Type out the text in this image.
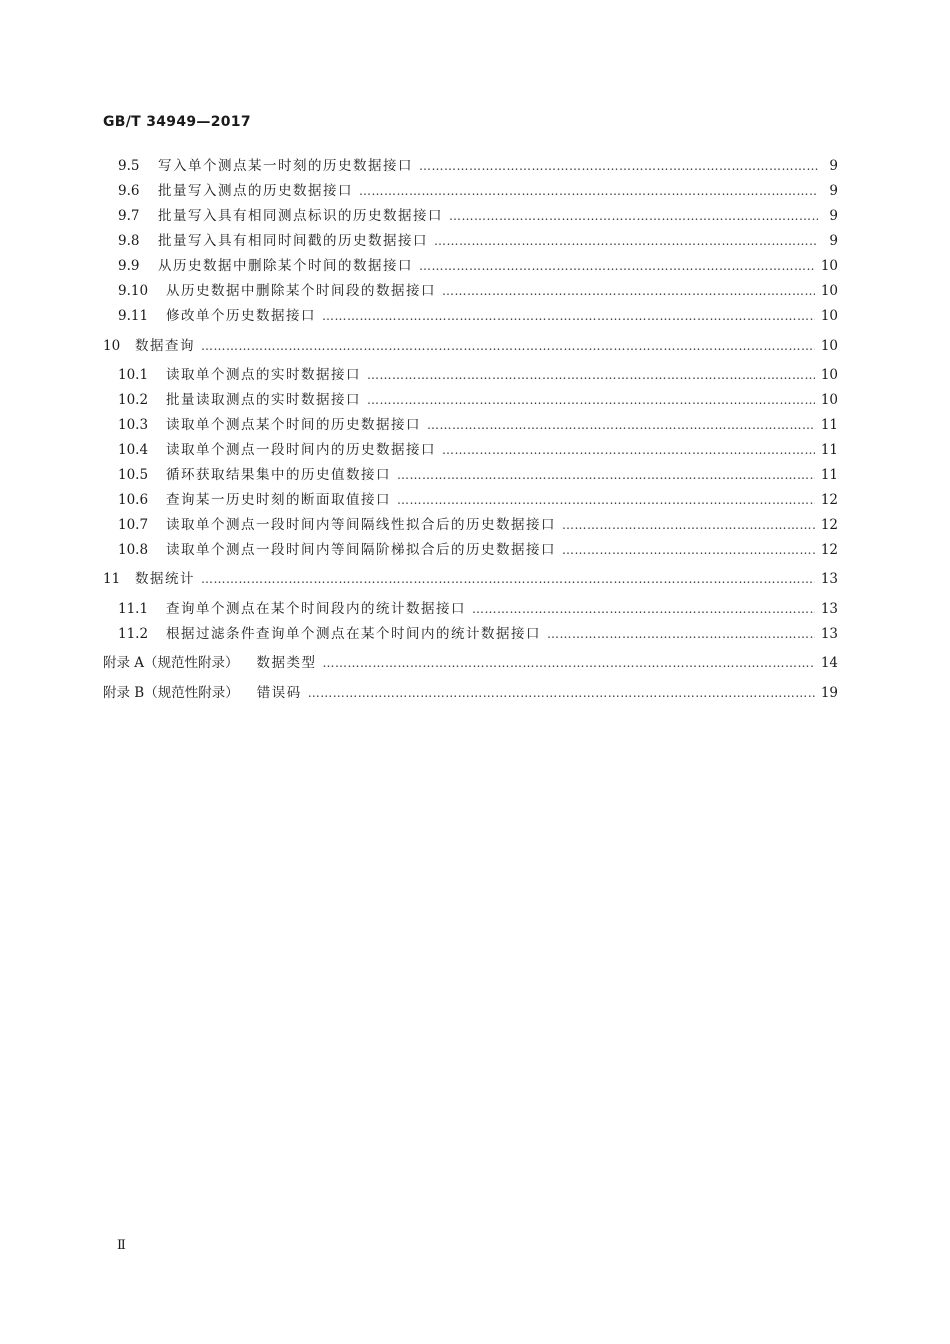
GB/T 34949—2017
9.5	写入单个测点某一时刻的历史数据接口 …………………………………………………………………………………………………………………………………………………………………………………………	9
9.6	批量写入测点的历史数据接口 …………………………………………………………………………………………………………………………………………………………………………………………	9
9.7	批量写入具有相同测点标识的历史数据接口 …………………………………………………………………………………………………………………………………………………………………………………………	9
9.8	批量写入具有相同时间戳的历史数据接口 …………………………………………………………………………………………………………………………………………………………………………………………	9
9.9	从历史数据中删除某个时间的数据接口 …………………………………………………………………………………………………………………………………………………………………………………………	10
9.10	从历史数据中删除某个时间段的数据接口 …………………………………………………………………………………………………………………………………………………………………………………………	10
9.11	修改单个历史数据接口 …………………………………………………………………………………………………………………………………………………………………………………………	10
10	数据查询 …………………………………………………………………………………………………………………………………………………………………………………………	10
10.1	读取单个测点的实时数据接口 …………………………………………………………………………………………………………………………………………………………………………………………	10
10.2	批量读取测点的实时数据接口 …………………………………………………………………………………………………………………………………………………………………………………………	10
10.3	读取单个测点某个时间的历史数据接口 …………………………………………………………………………………………………………………………………………………………………………………………	11
10.4	读取单个测点一段时间内的历史数据接口 …………………………………………………………………………………………………………………………………………………………………………………………	11
10.5	循环获取结果集中的历史值数接口 …………………………………………………………………………………………………………………………………………………………………………………………	11
10.6	查询某一历史时刻的断面取值接口 …………………………………………………………………………………………………………………………………………………………………………………………	12
10.7	读取单个测点一段时间内等间隔线性拟合后的历史数据接口 …………………………………………………………………………………………………………………………………………………………………………………………	12
10.8	读取单个测点一段时间内等间隔阶梯拟合后的历史数据接口 …………………………………………………………………………………………………………………………………………………………………………………………	12
11	数据统计 …………………………………………………………………………………………………………………………………………………………………………………………	13
11.1	查询单个测点在某个时间段内的统计数据接口 …………………………………………………………………………………………………………………………………………………………………………………………	13
11.2	根据过滤条件查询单个测点在某个时间内的统计数据接口 …………………………………………………………………………………………………………………………………………………………………………………………	13
附录 A（规范性附录） 数据类型 …………………………………………………………………………………………………………………………………………………………………………………………	14
附录 B（规范性附录） 错误码 …………………………………………………………………………………………………………………………………………………………………………………………	19
Ⅱ
